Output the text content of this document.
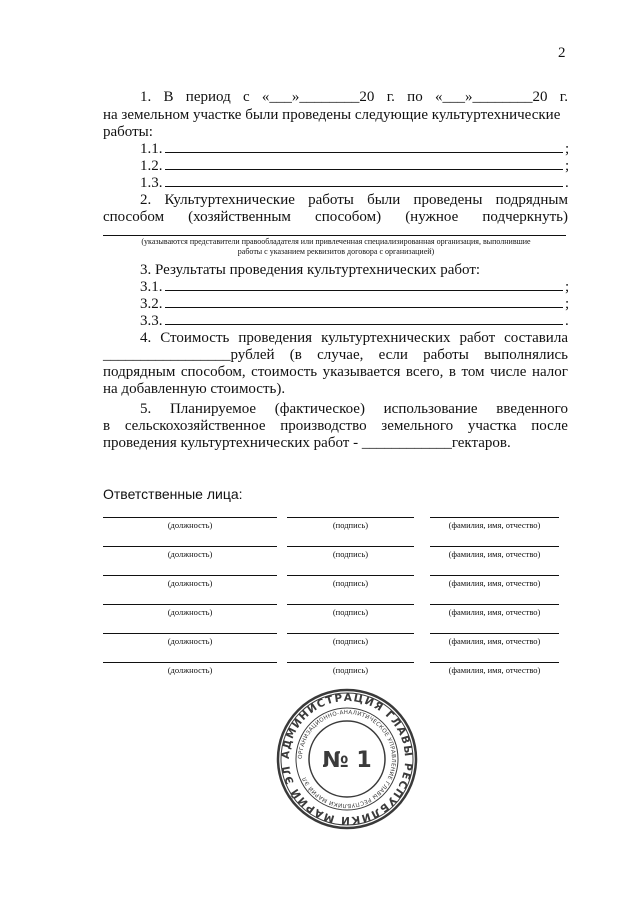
2
1. В период с «___»________20 г. по «___»________20 г.
на земельном участке были проведены следующие культуртехнические
работы:
1.1.	;
1.2.	;
1.3.	.
2. Культуртехнические работы были проведены подрядным
способом (хозяйственным способом) (нужное подчеркнуть)
(указываются представители правообладателя или привлеченная специализированная организация, выполнившие
работы с указанием реквизитов договора с организацией)
3. Результаты проведения культуртехнических работ:
3.1.	;
3.2.	;
3.3.	.
4. Стоимость проведения культуртехнических работ составила
_________________рублей (в случае, если работы выполнялись
подрядным способом, стоимость указывается всего, в том числе налог
на добавленную стоимость).
5. Планируемое (фактическое) использование введенного
в сельскохозяйственное производство земельного участка после
проведения культуртехнических работ - ____________гектаров.
Ответственные лица:
(должность)	(подпись)	(фамилия, имя, отчество)
(должность)	(подпись)	(фамилия, имя, отчество)
(должность)	(подпись)	(фамилия, имя, отчество)
(должность)	(подпись)	(фамилия, имя, отчество)
(должность)	(подпись)	(фамилия, имя, отчество)
(должность)	(подпись)	(фамилия, имя, отчество)
АДМИНИСТРАЦИЯ ГЛАВЫ РЕСПУБЛИКИ МАРИЙ ЭЛ
ОРГАНИЗАЦИОННО-АНАЛИТИЧЕСКОЕ УПРАВЛЕНИЕ ГЛАВЫ РЕСПУБЛИКИ МАРИЙ ЭЛ
№ 1
